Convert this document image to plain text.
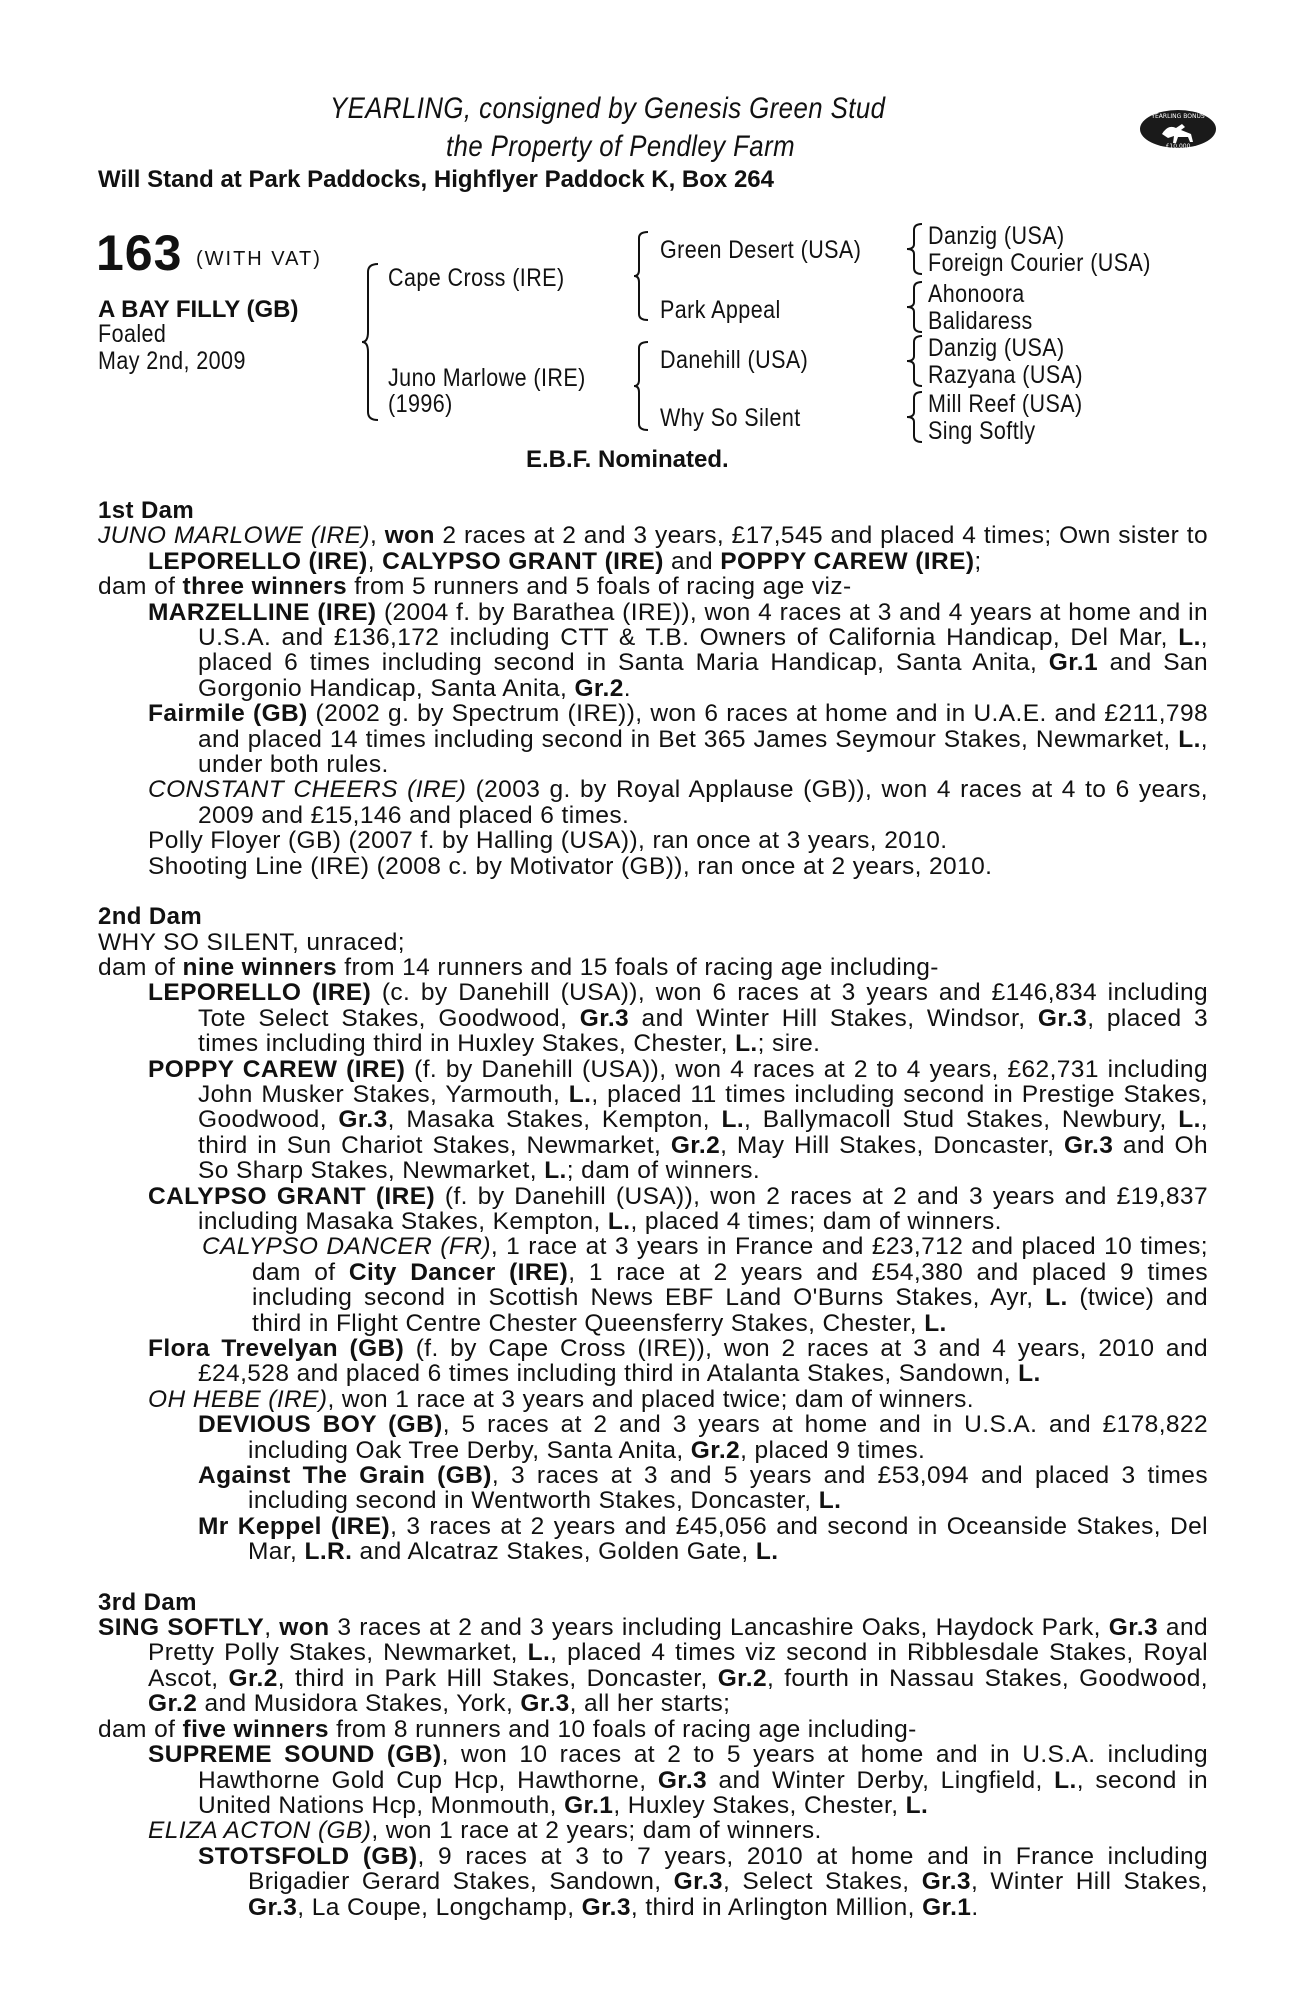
YEARLING, consigned by Genesis Green Stud
the Property of Pendley Farm
Will Stand at Park Paddocks, Highflyer Paddock K, Box 264
YEARLING BONUS
£10,000
163 (WITH VAT)
A BAY FILLY (GB)
Foaled
May 2nd, 2009
Cape Cross (IRE)
Juno Marlowe (IRE)
(1996)
Green Desert (USA)
Park Appeal
Danehill (USA)
Why So Silent
Danzig (USA)
Foreign Courier (USA)
Ahonoora
Balidaress
Danzig (USA)
Razyana (USA)
Mill Reef (USA)
Sing Softly
E.B.F. Nominated.

1st Dam

JUNO MARLOWE (IRE), won 2 races at 2 and 3 years, £17,545 and placed 4 times; Own sister to LEPORELLO (IRE), CALYPSO GRANT (IRE) and POPPY CAREW (IRE);

dam of three winners from 5 runners and 5 foals of racing age viz-

MARZELLINE (IRE) (2004 f. by Barathea (IRE)), won 4 races at 3 and 4 years at home and in U.S.A. and £136,172 including CTT & T.B. Owners of California Handicap, Del Mar, L., placed 6 times including second in Santa Maria Handicap, Santa Anita, Gr.1 and San Gorgonio Handicap, Santa Anita, Gr.2.

Fairmile (GB) (2002 g. by Spectrum (IRE)), won 6 races at home and in U.A.E. and £211,798 and placed 14 times including second in Bet 365 James Seymour Stakes, Newmarket, L., under both rules.

CONSTANT CHEERS (IRE) (2003 g. by Royal Applause (GB)), won 4 races at 4 to 6 years, 2009 and £15,146 and placed 6 times.

Polly Floyer (GB) (2007 f. by Halling (USA)), ran once at 3 years, 2010.

Shooting Line (IRE) (2008 c. by Motivator (GB)), ran once at 2 years, 2010.

2nd Dam

WHY SO SILENT, unraced;

dam of nine winners from 14 runners and 15 foals of racing age including-

LEPORELLO (IRE) (c. by Danehill (USA)), won 6 races at 3 years and £146,834 including Tote Select Stakes, Goodwood, Gr.3 and Winter Hill Stakes, Windsor, Gr.3, placed 3 times including third in Huxley Stakes, Chester, L.; sire.

POPPY CAREW (IRE) (f. by Danehill (USA)), won 4 races at 2 to 4 years, £62,731 including John Musker Stakes, Yarmouth, L., placed 11 times including second in Prestige Stakes, Goodwood, Gr.3, Masaka Stakes, Kempton, L., Ballymacoll Stud Stakes, Newbury, L., third in Sun Chariot Stakes, Newmarket, Gr.2, May Hill Stakes, Doncaster, Gr.3 and Oh So Sharp Stakes, Newmarket, L.; dam of winners.

CALYPSO GRANT (IRE) (f. by Danehill (USA)), won 2 races at 2 and 3 years and £19,837 including Masaka Stakes, Kempton, L., placed 4 times; dam of winners.

CALYPSO DANCER (FR), 1 race at 3 years in France and £23,712 and placed 10 times; dam of City Dancer (IRE), 1 race at 2 years and £54,380 and placed 9 times including second in Scottish News EBF Land O'Burns Stakes, Ayr, L. (twice) and third in Flight Centre Chester Queensferry Stakes, Chester, L.

Flora Trevelyan (GB) (f. by Cape Cross (IRE)), won 2 races at 3 and 4 years, 2010 and £24,528 and placed 6 times including third in Atalanta Stakes, Sandown, L.

OH HEBE (IRE), won 1 race at 3 years and placed twice; dam of winners.

DEVIOUS BOY (GB), 5 races at 2 and 3 years at home and in U.S.A. and £178,822 including Oak Tree Derby, Santa Anita, Gr.2, placed 9 times.

Against The Grain (GB), 3 races at 3 and 5 years and £53,094 and placed 3 times including second in Wentworth Stakes, Doncaster, L.

Mr Keppel (IRE), 3 races at 2 years and £45,056 and second in Oceanside Stakes, Del Mar, L.R. and Alcatraz Stakes, Golden Gate, L.

3rd Dam

SING SOFTLY, won 3 races at 2 and 3 years including Lancashire Oaks, Haydock Park, Gr.3 and Pretty Polly Stakes, Newmarket, L., placed 4 times viz second in Ribblesdale Stakes, Royal Ascot, Gr.2, third in Park Hill Stakes, Doncaster, Gr.2, fourth in Nassau Stakes, Goodwood, Gr.2 and Musidora Stakes, York, Gr.3, all her starts;

dam of five winners from 8 runners and 10 foals of racing age including-

SUPREME SOUND (GB), won 10 races at 2 to 5 years at home and in U.S.A. including Hawthorne Gold Cup Hcp, Hawthorne, Gr.3 and Winter Derby, Lingfield, L., second in United Nations Hcp, Monmouth, Gr.1, Huxley Stakes, Chester, L.

ELIZA ACTON (GB), won 1 race at 2 years; dam of winners.

STOTSFOLD (GB), 9 races at 3 to 7 years, 2010 at home and in France including Brigadier Gerard Stakes, Sandown, Gr.3, Select Stakes, Gr.3, Winter Hill Stakes, Gr.3, La Coupe, Longchamp, Gr.3, third in Arlington Million, Gr.1.
